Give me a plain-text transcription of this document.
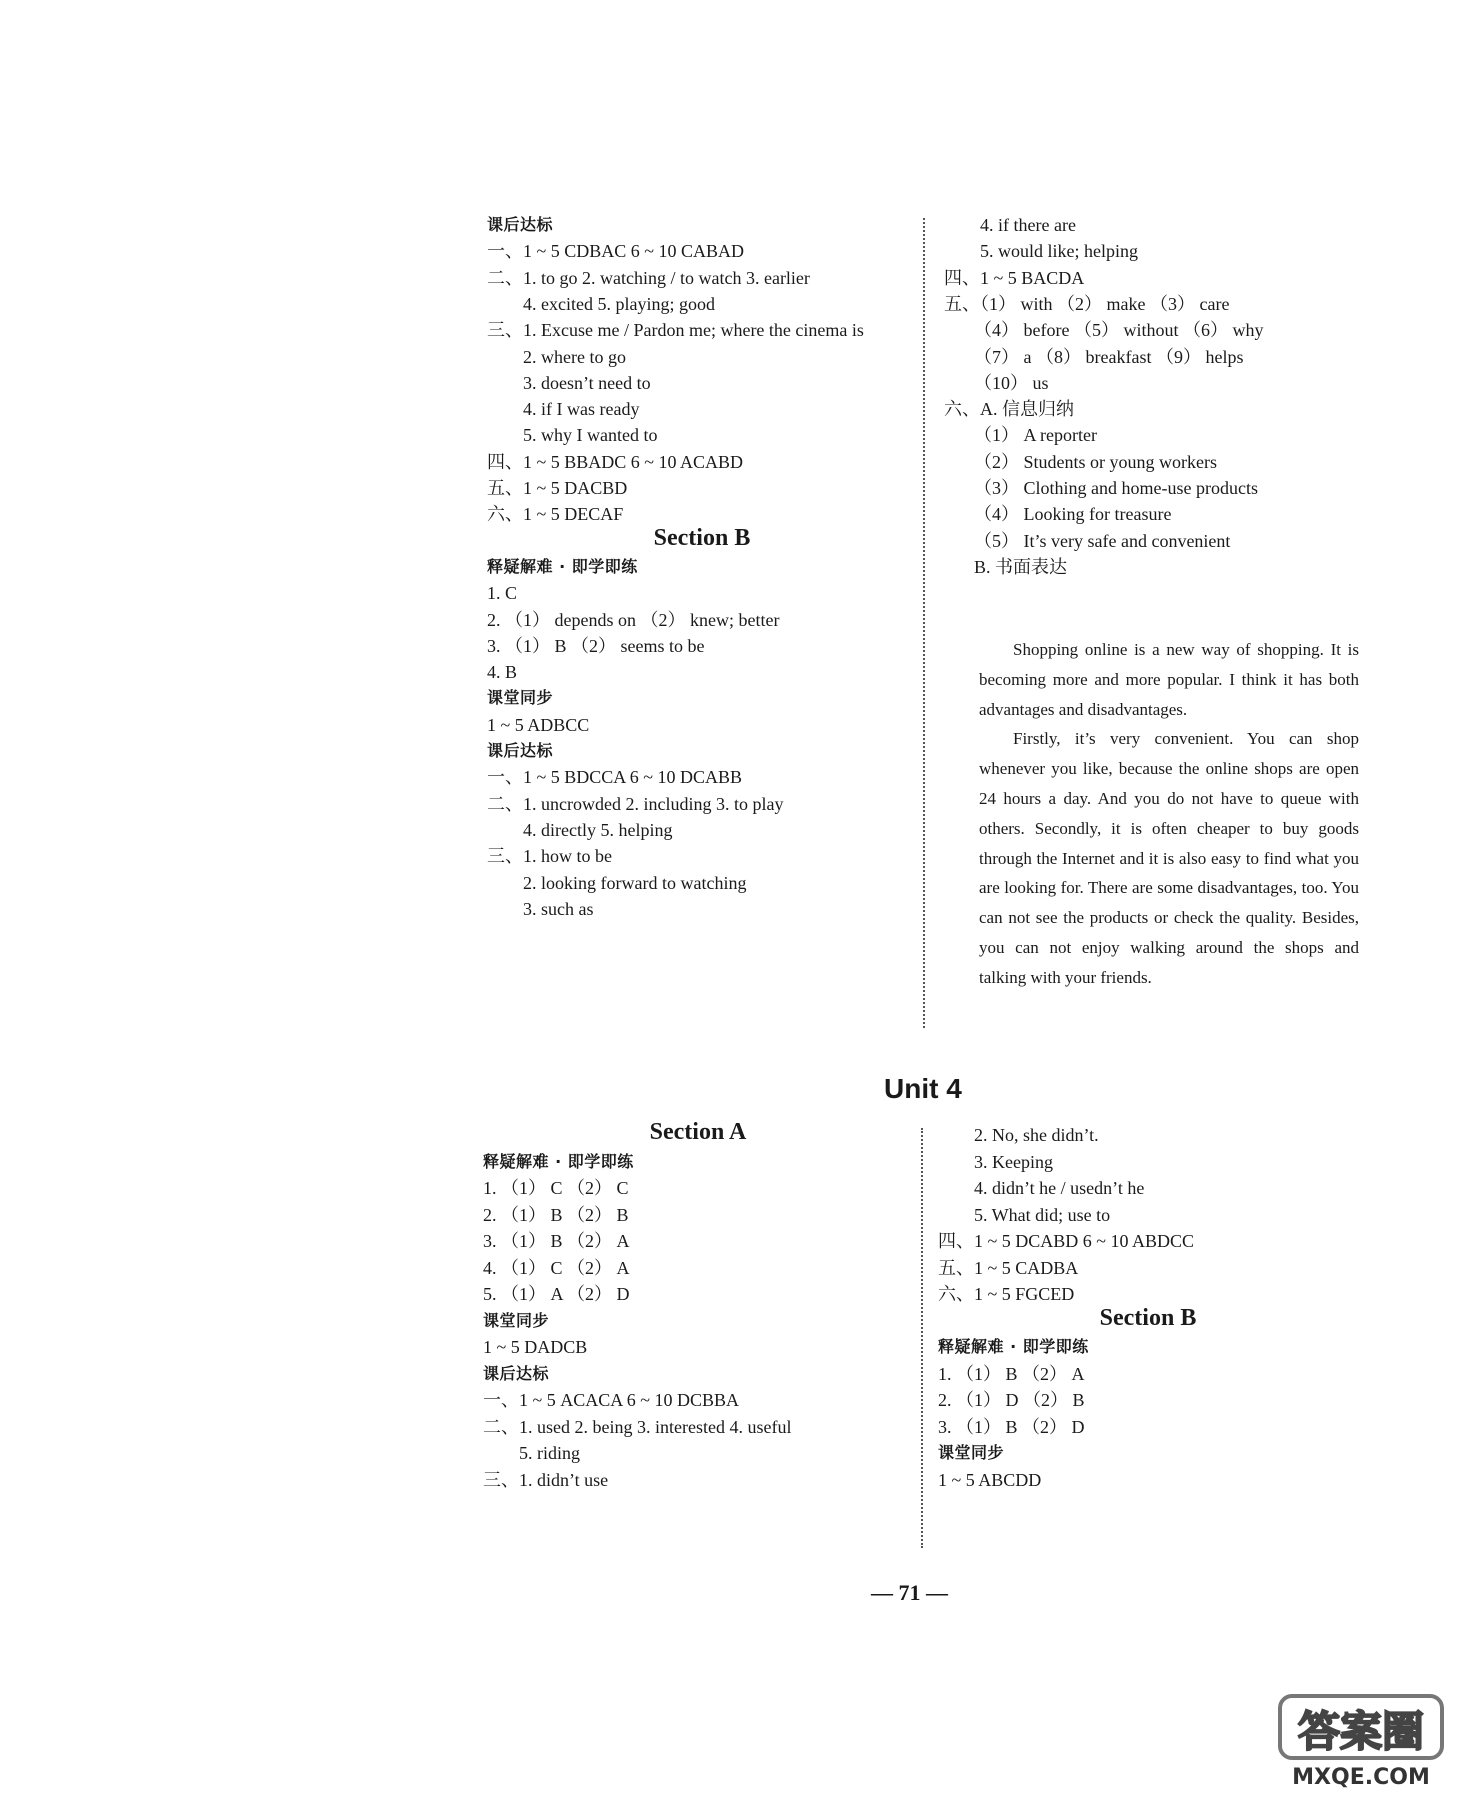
课后达标
一、1 ~ 5 CDBAC 6 ~ 10 CABAD
二、1. to go 2. watching / to watch 3. earlier
4. excited 5. playing; good
三、1. Excuse me / Pardon me; where the cinema is
2. where to go
3. doesn’t need to
4. if I was ready
5. why I wanted to
四、1 ~ 5 BBADC 6 ~ 10 ACABD
五、1 ~ 5 DACBD
六、1 ~ 5 DECAF
Section B
释疑解难 · 即学即练
1. C
2. （1） depends on （2） knew; better
3. （1） B （2） seems to be
4. B
课堂同步
1 ~ 5 ADBCC
课后达标
一、1 ~ 5 BDCCA 6 ~ 10 DCABB
二、1. uncrowded 2. including 3. to play
4. directly 5. helping
三、1. how to be
2. looking forward to watching
3. such as
4. if there are
5. would like; helping
四、1 ~ 5 BACDA
五、（1） with （2） make （3） care
（4） before （5） without （6） why
（7） a （8） breakfast （9） helps
（10） us
六、A. 信息归纳
（1） A reporter
（2） Students or young workers
（3） Clothing and home-use products
（4） Looking for treasure
（5） It’s very safe and convenient
B. 书面表达

Shopping online is a new way of shopping. It is becoming more and more popular. I think it has both advantages and disadvantages.

Firstly, it’s very convenient. You can shop whenever you like, because the online shops are open 24 hours a day. And you do not have to queue with others. Secondly, it is often cheaper to buy goods through the Internet and it is also easy to find what you are looking for. There are some disadvantages, too. You can not see the products or check the quality. Besides, you can not enjoy walking around the shops and talking with your friends.

Unit 4
Section A
释疑解难 · 即学即练
1. （1） C （2） C
2. （1） B （2） B
3. （1） B （2） A
4. （1） C （2） A
5. （1） A （2） D
课堂同步
1 ~ 5 DADCB
课后达标
一、1 ~ 5 ACACA 6 ~ 10 DCBBA
二、1. used 2. being 3. interested 4. useful
5. riding
三、1. didn’t use
2. No, she didn’t.
3. Keeping
4. didn’t he / usedn’t he
5. What did; use to
四、1 ~ 5 DCABD 6 ~ 10 ABDCC
五、1 ~ 5 CADBA
六、1 ~ 5 FGCED
Section B
释疑解难 · 即学即练
1. （1） B （2） A
2. （1） D （2） B
3. （1） B （2） D
课堂同步
1 ~ 5 ABCDD
— 71 —
答案圈
MXQE.COM
